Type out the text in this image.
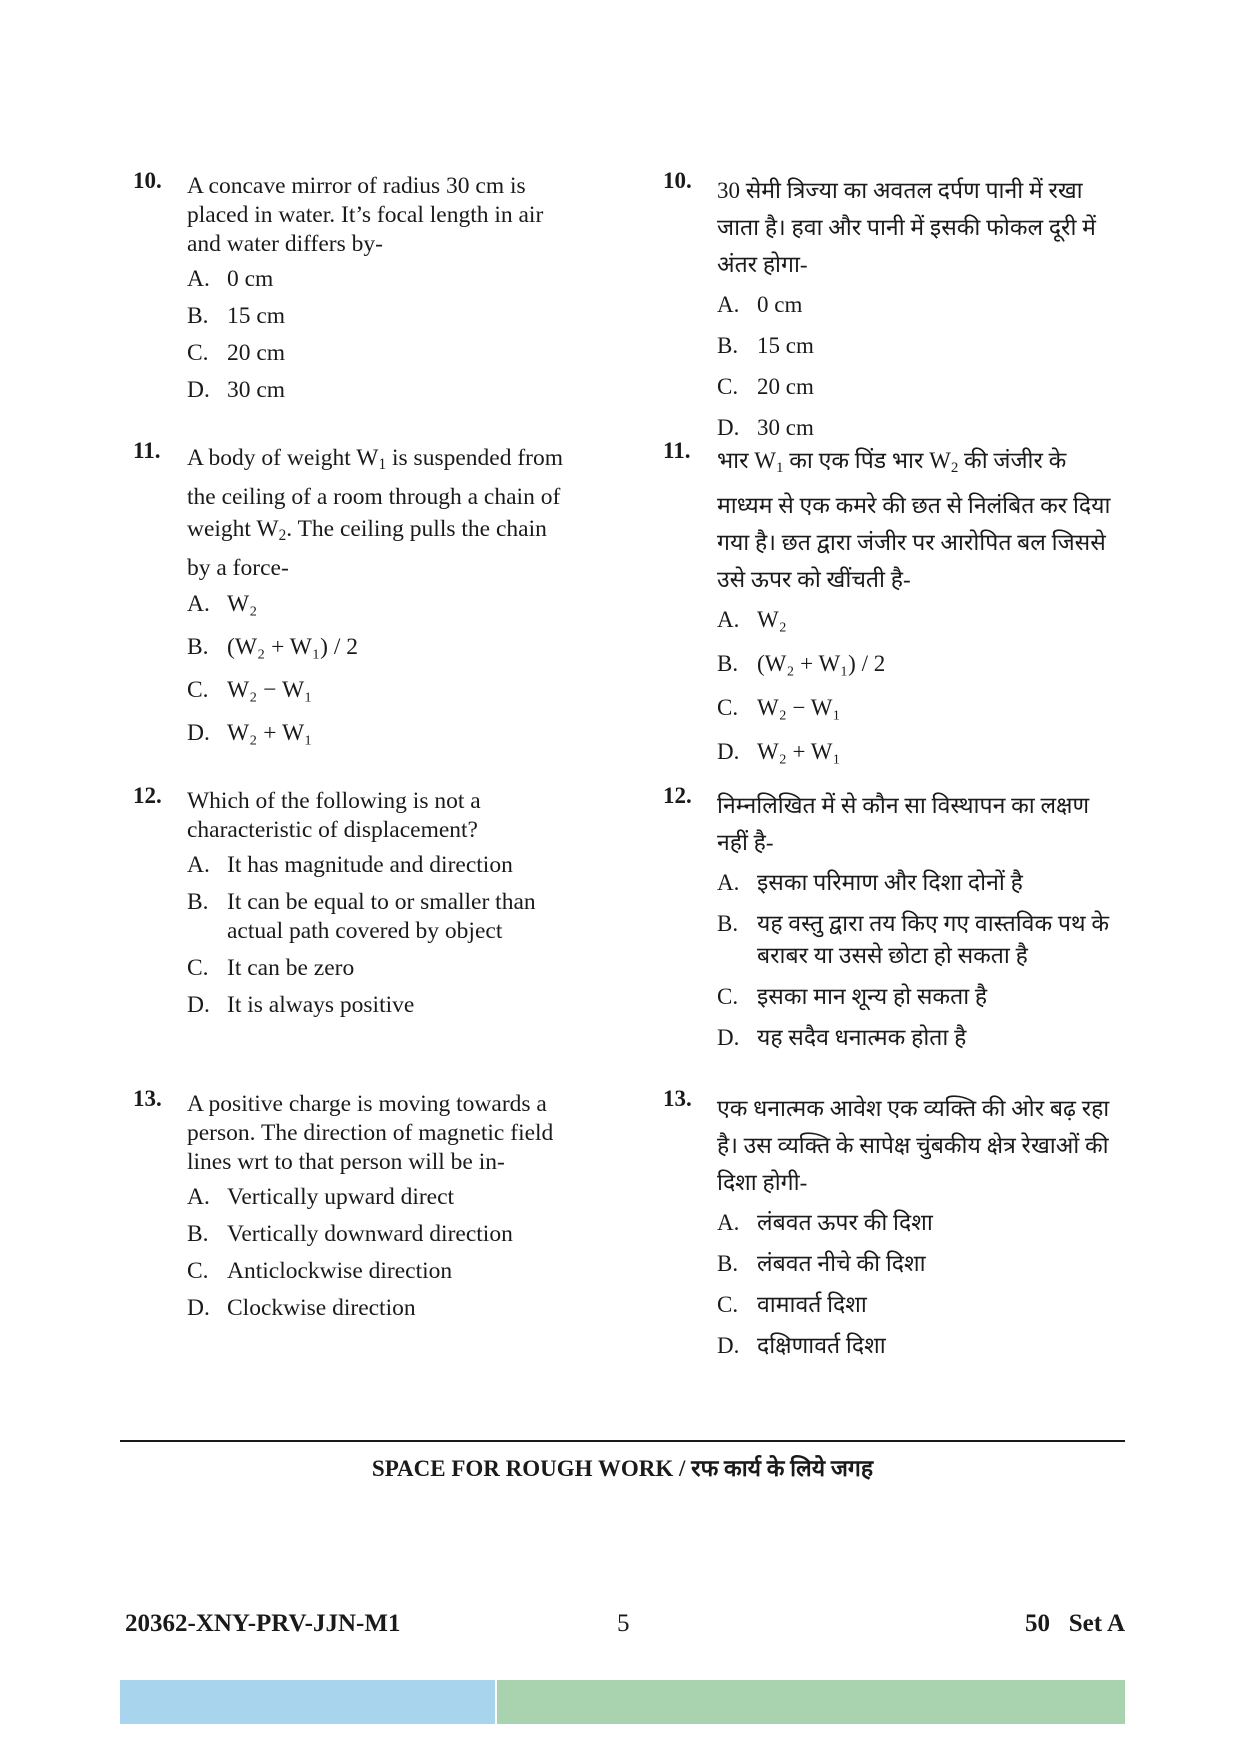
10. A concave mirror of radius 30 cm is placed in water. It’s focal length in air and water differs by-

A. 0 cm
B. 15 cm
C. 20 cm
D. 30 cm
11. A body of weight $W_1$ is suspended from the ceiling of a room through a chain of weight $W_2$. The ceiling pulls the chain by a force-

A. W₂
B. (W₂ + W₁) / 2
C. W₂ − W₁
D. W₂ + W₁
12. Which of the following is not a characteristic of displacement?

A. It has magnitude and direction
B. It can be equal to or smaller than actual path covered by object
C. It can be zero
D. It is always positive
13. A positive charge is moving towards a person. The direction of magnetic field lines wrt to that person will be in-

A. Vertically upward direct
B. Vertically downward direction
C. Anticlockwise direction
D. Clockwise direction
10. 30 सेमी त्रिज्या का अवतल दर्पण पानी में रखा जाता है। हवा और पानी में इसकी फोकल दूरी में अंतर होगा-

A. 0 cm
B. 15 cm
C. 20 cm
D. 30 cm
11. भार $W_1$ का एक पिंड भार $W_2$ की जंजीर के माध्यम से एक कमरे की छत से निलंबित कर दिया गया है। छत द्वारा जंजीर पर आरोपित बल जिससे उसे ऊपर को खींचती है-

A. W₂
B. (W₂ + W₁) / 2
C. W₂ − W₁
D. W₂ + W₁
12. निम्नलिखित में से कौन सा विस्थापन का लक्षण नहीं है-

A. इसका परिमाण और दिशा दोनों है
B. यह वस्तु द्वारा तय किए गए वास्तविक पथ के बराबर या उससे छोटा हो सकता है
C. इसका मान शून्य हो सकता है
D. यह सदैव धनात्मक होता है
13. एक धनात्मक आवेश एक व्यक्ति की ओर बढ़ रहा है। उस व्यक्ति के सापेक्ष चुंबकीय क्षेत्र रेखाओं की दिशा होगी-

A. लंबवत ऊपर की दिशा
B. लंबवत नीचे की दिशा
C. वामावर्त दिशा
D. दक्षिणावर्त दिशा
SPACE FOR ROUGH WORK / रफ कार्य के लिये जगह
20362-XNY-PRV-JJN-M1	5	50   Set A
